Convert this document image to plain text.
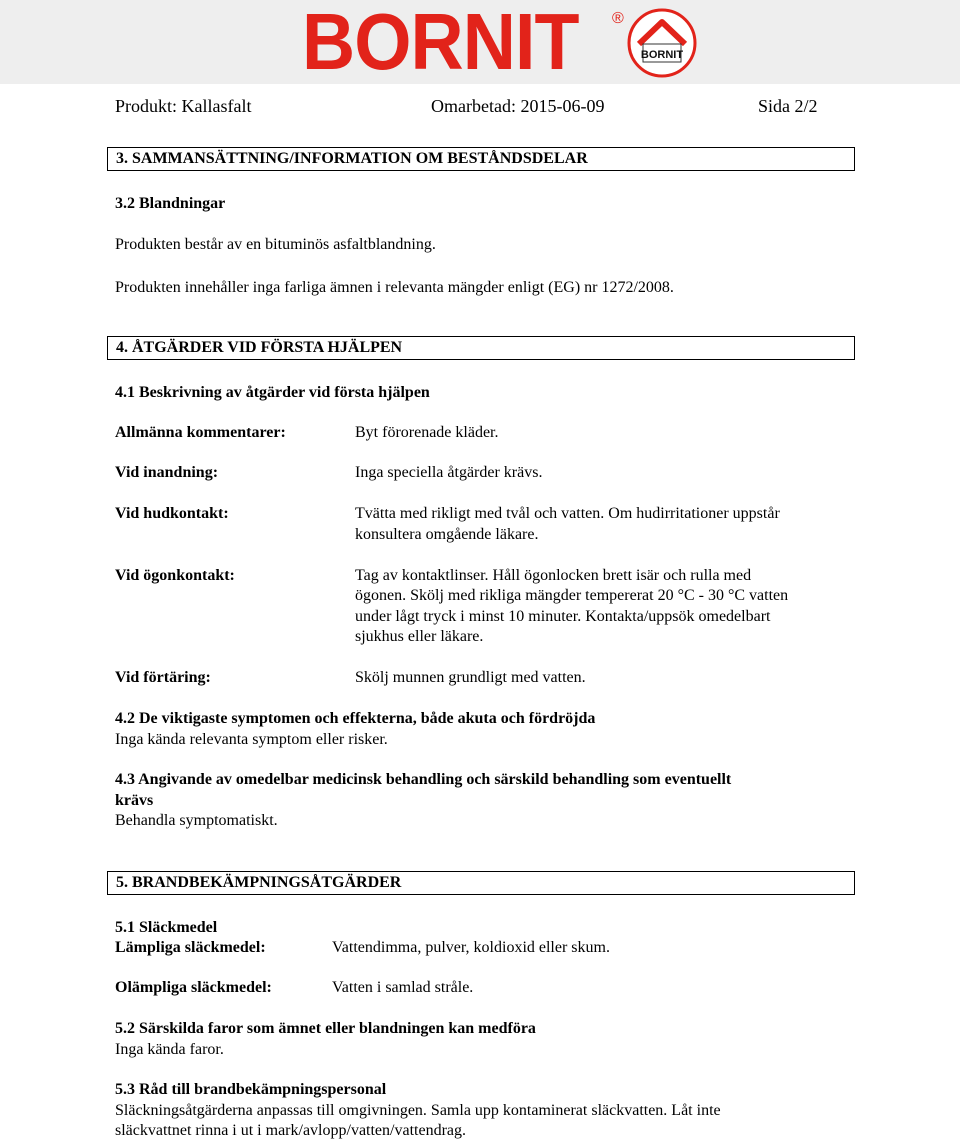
BORNIT ®
BORNIT
Produkt: Kallasfalt	Omarbetad: 2015-06-09	Sida 2/2
3. SAMMANSÄTTNING/INFORMATION OM BESTÅNDSDELAR
3.2 Blandningar
Produkten består av en bituminös asfaltblandning.
Produkten innehåller inga farliga ämnen i relevanta mängder enligt (EG) nr 1272/2008.
4. ÅTGÄRDER VID FÖRSTA HJÄLPEN
4.1 Beskrivning av åtgärder vid första hjälpen
Allmänna kommentarer:	Byt förorenade kläder.
Vid inandning:	Inga speciella åtgärder krävs.
Vid hudkontakt:	Tvätta med rikligt med tvål och vatten. Om hudirritationer uppstår
konsultera omgående läkare.
Vid ögonkontakt:	Tag av kontaktlinser. Håll ögonlocken brett isär och rulla med
ögonen. Skölj med rikliga mängder tempererat 20 °C - 30 °C vatten
under lågt tryck i minst 10 minuter. Kontakta/uppsök omedelbart
sjukhus eller läkare.
Vid förtäring:	Skölj munnen grundligt med vatten.
4.2 De viktigaste symptomen och effekterna, både akuta och fördröjda
Inga kända relevanta symptom eller risker.
4.3 Angivande av omedelbar medicinsk behandling och särskild behandling som eventuellt
krävs
Behandla symptomatiskt.
5. BRANDBEKÄMPNINGSÅTGÄRDER
5.1 Släckmedel
Lämpliga släckmedel:	Vattendimma, pulver, koldioxid eller skum.
Olämpliga släckmedel:	Vatten i samlad stråle.
5.2 Särskilda faror som ämnet eller blandningen kan medföra
Inga kända faror.
5.3 Råd till brandbekämpningspersonal
Släckningsåtgärderna anpassas till omgivningen. Samla upp kontaminerat släckvatten. Låt inte
släckvattnet rinna i ut i mark/avlopp/vatten/vattendrag.
